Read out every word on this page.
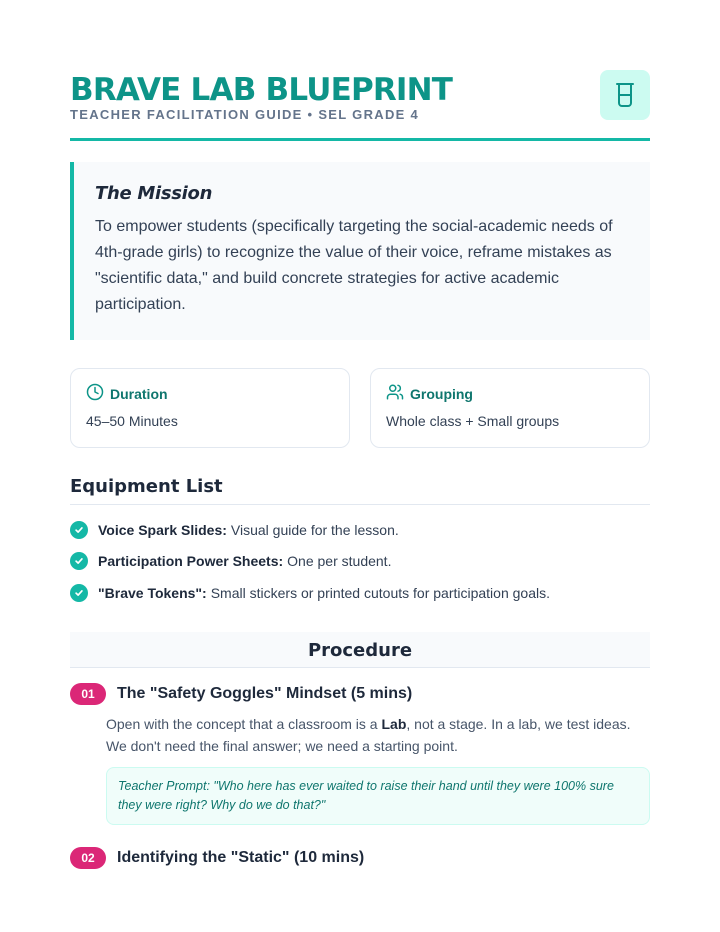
BRAVE LAB BLUEPRINT
TEACHER FACILITATION GUIDE • SEL GRADE 4
The Mission
To empower students (specifically targeting the social-academic needs of 4th-grade girls) to recognize the value of their voice, reframe mistakes as "scientific data," and build concrete strategies for active academic participation.
Duration
45–50 Minutes
Grouping
Whole class + Small groups
Equipment List
Voice Spark Slides: Visual guide for the lesson.
Participation Power Sheets: One per student.
"Brave Tokens": Small stickers or printed cutouts for participation goals.
Procedure
01	The "Safety Goggles" Mindset (5 mins)
Open with the concept that a classroom is a Lab, not a stage. In a lab, we test ideas. We don't need the final answer; we need a starting point.
Teacher Prompt: "Who here has ever waited to raise their hand until they were 100% sure they were right? Why do we do that?"
02	Identifying the "Static" (10 mins)
